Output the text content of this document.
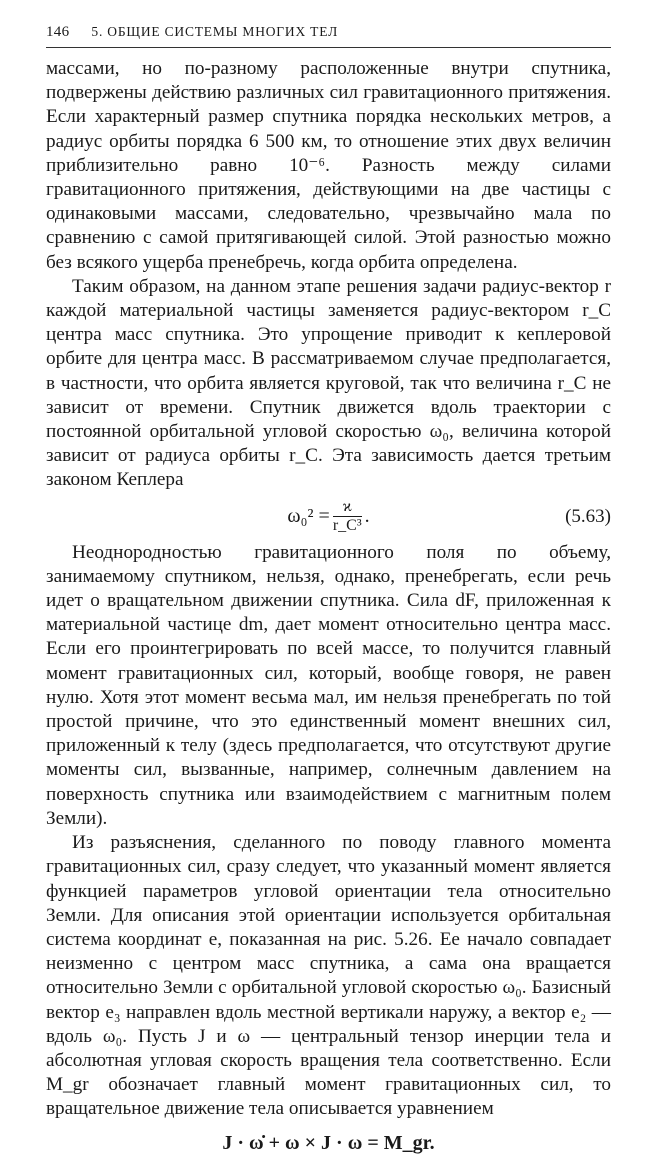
146 5. ОБЩИЕ СИСТЕМЫ МНОГИХ ТЕЛ

массами, но по-разному расположенные внутри спутника, подвержены действию различных сил гравитационного притяжения. Если характерный размер спутника порядка нескольких метров, а радиус орбиты порядка 6 500 км, то отношение этих двух величин приблизительно равно 10⁻⁶. Разность между силами гравитационного притяжения, действующими на две частицы с одинаковыми массами, следовательно, чрезвычайно мала по сравнению с самой притягивающей силой. Этой разностью можно без всякого ущерба пренебречь, когда орбита определена.

Таким образом, на данном этапе решения задачи радиус-вектор r каждой материальной частицы заменяется радиус-вектором r_C центра масс спутника. Это упрощение приводит к кеплеровой орбите для центра масс. В рассматриваемом случае предполагается, в частности, что орбита является круговой, так что величина r_C не зависит от времени. Спутник движется вдоль траектории с постоянной орбитальной угловой скоростью ω₀, величина которой зависит от радиуса орбиты r_C. Эта зависимость дается третьим законом Кеплера

$\omega_0^2 = \frac{ϰ}{\text{r\_C³}}$ .	(5.63)

Неоднородностью гравитационного поля по объему, занимаемому спутником, нельзя, однако, пренебрегать, если речь идет о вращательном движении спутника. Сила dF, приложенная к материальной частице dm, дает момент относительно центра масс. Если его проинтегрировать по всей массе, то получится главный момент гравитационных сил, который, вообще говоря, не равен нулю. Хотя этот момент весьма мал, им нельзя пренебрегать по той простой причине, что это единственный момент внешних сил, приложенный к телу (здесь предполагается, что отсутствуют другие моменты сил, вызванные, например, солнечным давлением на поверхность спутника или взаимодействием с магнитным полем Земли).

Из разъяснения, сделанного по поводу главного момента гравитационных сил, сразу следует, что указанный момент является функцией параметров угловой ориентации тела относительно Земли. Для описания этой ориентации используется орбитальная система координат e, показанная на рис. 5.26. Ее начало совпадает неизменно с центром масс спутника, а сама она вращается относительно Земли с орбитальной угловой скоростью ω₀. Базисный вектор e₃ направлен вдоль местной вертикали наружу, а вектор e₂ — вдоль ω₀. Пусть J и ω — центральный тензор инерции тела и абсолютная угловая скорость вращения тела соответственно. Если M_gr обозначает главный момент гравитационных сил, то вращательное движение тела описывается уравнением

J · ω̇ + ω × J · ω = M_gr.
